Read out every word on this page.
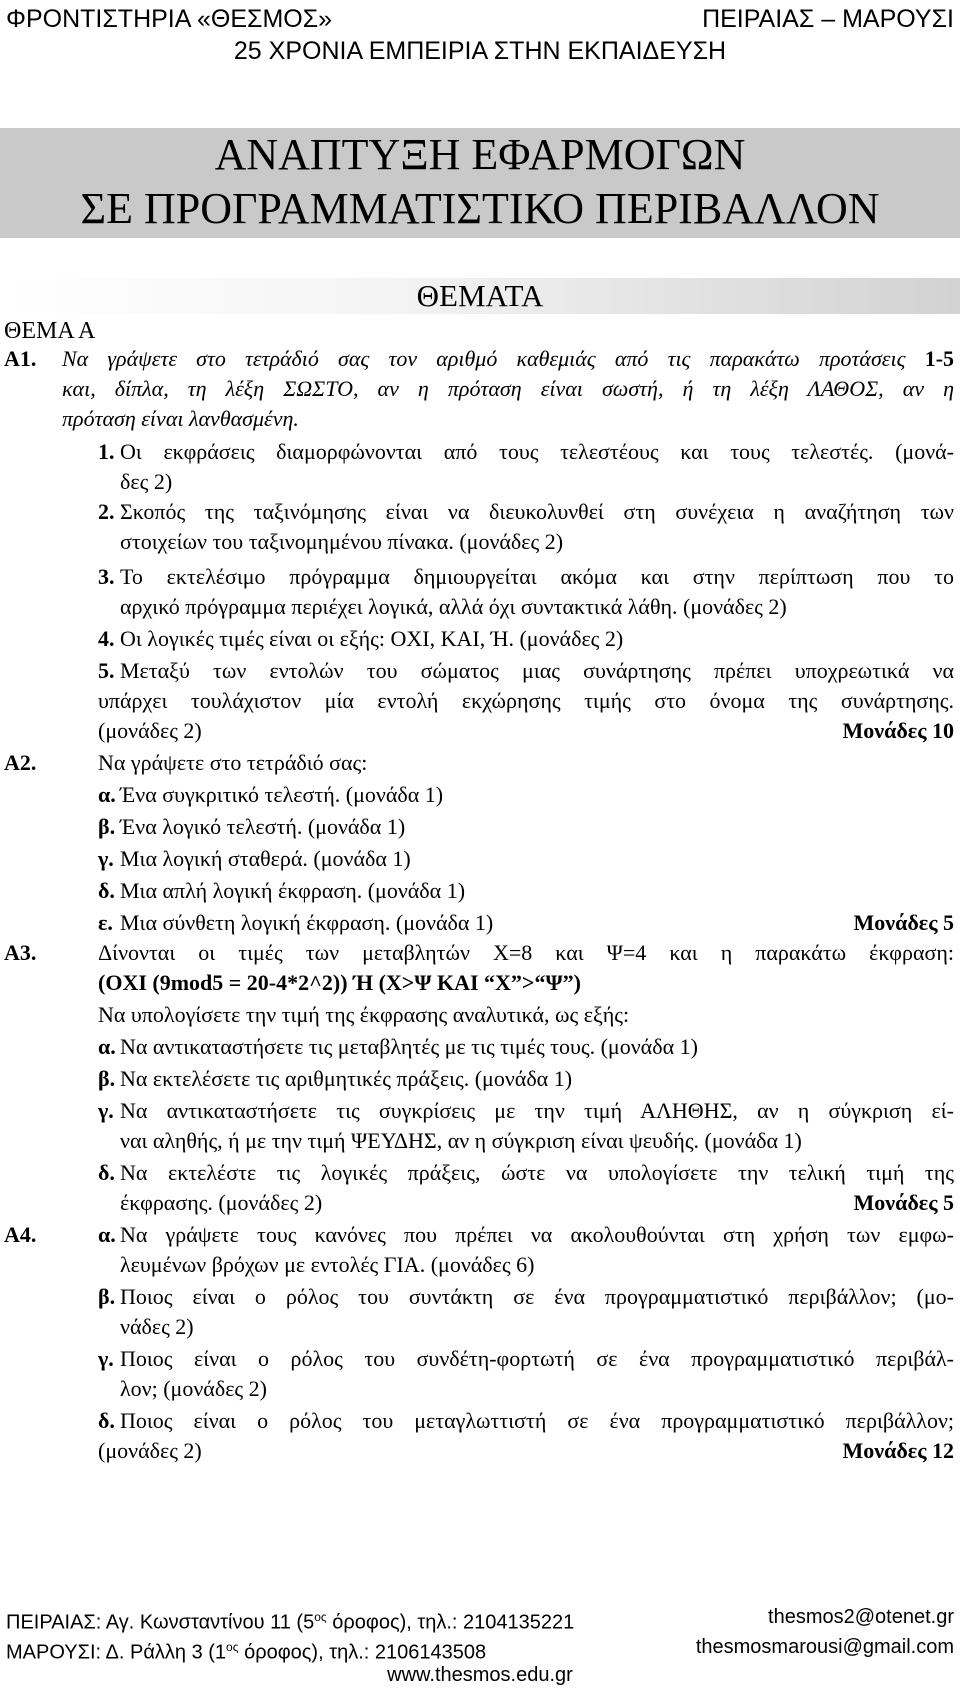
ΦΡΟΝΤΙΣΤΗΡΙΑ «ΘΕΣΜΟΣ»	ΠΕΙΡΑΙΑΣ – ΜΑΡΟΥΣΙ
25 ΧΡΟΝΙΑ ΕΜΠΕΙΡΙΑ ΣΤΗΝ ΕΚΠΑΙΔΕΥΣΗ
ΑΝΑΠΤΥΞΗ ΕΦΑΡΜΟΓΩΝ
ΣΕ ΠΡΟΓΡΑΜΜΑΤΙΣΤΙΚΟ ΠΕΡΙΒΑΛΛΟΝ
ΘΕΜΑΤΑ
ΘΕΜΑ Α
Α1. Να γράψετε στο τετράδιό σας τον αριθμό καθεμιάς από τις παρακάτω προτάσεις 1-5
και, δίπλα, τη λέξη ΣΩΣΤΟ, αν η πρόταση είναι σωστή, ή τη λέξη ΛΑΘΟΣ, αν η
πρόταση είναι λανθασμένη.
1. Οι εκφράσεις διαμορφώνονται από τους τελεστέους και τους τελεστές. (μονά-
δες 2)
2. Σκοπός της ταξινόμησης είναι να διευκολυνθεί στη συνέχεια η αναζήτηση των
στοιχείων του ταξινομημένου πίνακα. (μονάδες 2)
3. Το εκτελέσιμο πρόγραμμα δημιουργείται ακόμα και στην περίπτωση που το
αρχικό πρόγραμμα περιέχει λογικά, αλλά όχι συντακτικά λάθη. (μονάδες 2)
4. Οι λογικές τιμές είναι οι εξής: ΟΧΙ, ΚΑΙ, Ή. (μονάδες 2)
5. Μεταξύ των εντολών του σώματος μιας συνάρτησης πρέπει υποχρεωτικά να
υπάρχει τουλάχιστον μία εντολή εκχώρησης τιμής στο όνομα της συνάρτησης.
(μονάδες 2)	Μονάδες 10
Α2.	Να γράψετε στο τετράδιό σας:
α. Ένα συγκριτικό τελεστή. (μονάδα 1)
β. Ένα λογικό τελεστή. (μονάδα 1)
γ. Μια λογική σταθερά. (μονάδα 1)
δ. Μια απλή λογική έκφραση. (μονάδα 1)
ε. Μια σύνθετη λογική έκφραση. (μονάδα 1)	Μονάδες 5
Α3.	Δίνονται οι τιμές των μεταβλητών Χ=8 και Ψ=4 και η παρακάτω έκφραση:
(ΟΧΙ (9mod5 = 20-4*2^2)) Ή (Χ>Ψ ΚΑΙ “Χ”>“Ψ”)
Να υπολογίσετε την τιμή της έκφρασης αναλυτικά, ως εξής:
α. Να αντικαταστήσετε τις μεταβλητές με τις τιμές τους. (μονάδα 1)
β. Να εκτελέσετε τις αριθμητικές πράξεις. (μονάδα 1)
γ. Να αντικαταστήσετε τις συγκρίσεις με την τιμή ΑΛΗΘΗΣ, αν η σύγκριση εί-
ναι αληθής, ή με την τιμή ΨΕΥΔΗΣ, αν η σύγκριση είναι ψευδής. (μονάδα 1)
δ. Να εκτελέστε τις λογικές πράξεις, ώστε να υπολογίσετε την τελική τιμή της
έκφρασης. (μονάδες 2)	Μονάδες 5
Α4.	α. Να γράψετε τους κανόνες που πρέπει να ακολουθούνται στη χρήση των εμφω-
λευμένων βρόχων με εντολές ΓΙΑ. (μονάδες 6)
β. Ποιος είναι ο ρόλος του συντάκτη σε ένα προγραμματιστικό περιβάλλον; (μο-
νάδες 2)
γ. Ποιος είναι ο ρόλος του συνδέτη-φορτωτή σε ένα προγραμματιστικό περιβάλ-
λον; (μονάδες 2)
δ. Ποιος είναι ο ρόλος του μεταγλωττιστή σε ένα προγραμματιστικό περιβάλλον;
(μονάδες 2)	Μονάδες 12
ΠΕΙΡΑΙΑΣ: Αγ. Κωνσταντίνου 11 ($5^{o\varsigma}$ όροφος), τηλ.: 2104135221	thesmos2@otenet.gr
ΜΑΡΟΥΣΙ: Δ. Ράλλη 3 ($1^{o\varsigma}$ όροφος), τηλ.: 2106143508	thesmosmarousi@gmail.com
www.thesmos.edu.gr
